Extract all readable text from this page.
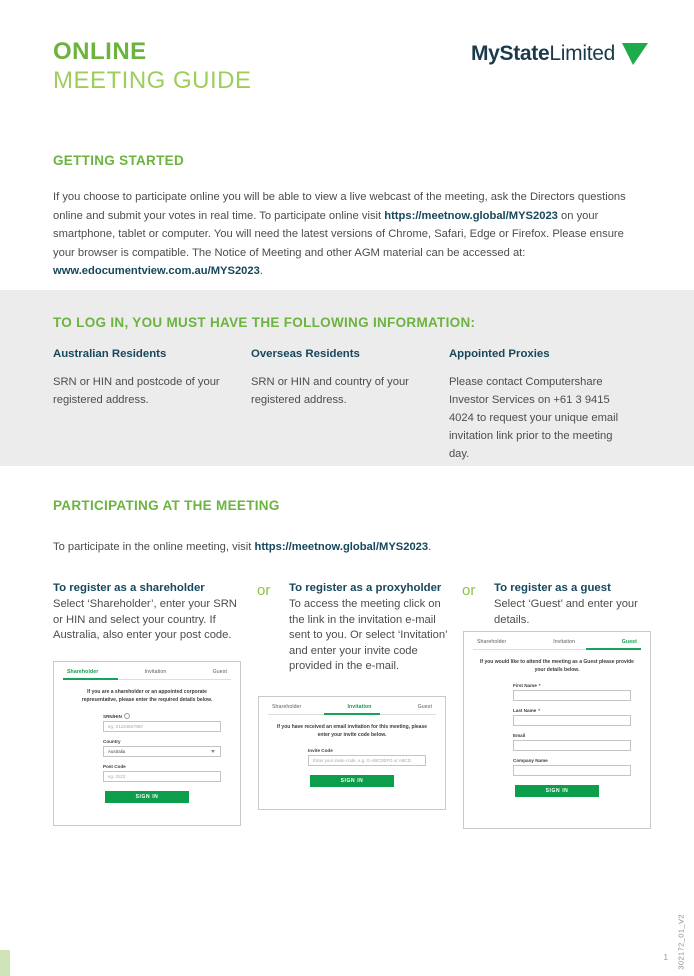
ONLINE
MEETING GUIDE
MyStateLimited
GETTING STARTED
If you choose to participate online you will be able to view a live webcast of the meeting, ask the Directors questions online and submit your votes in real time. To participate online visit https://meetnow.global/MYS2023 on your smartphone, tablet or computer. You will need the latest versions of Chrome, Safari, Edge or Firefox. Please ensure your browser is compatible. The Notice of Meeting and other AGM material can be accessed at: www.edocumentview.com.au/MYS2023.
TO LOG IN, YOU MUST HAVE THE FOLLOWING INFORMATION:
Australian Residents
SRN or HIN and postcode of your registered address.
Overseas Residents
SRN or HIN and country of your registered address.
Appointed Proxies
Please contact Computershare Investor Services on +61 3 9415 4024 to request your unique email invitation link prior to the meeting day.
PARTICIPATING AT THE MEETING
To participate in the online meeting, visit https://meetnow.global/MYS2023.
or	or
To register as a shareholder
Select ‘Shareholder’, enter your SRN or HIN and select your country. If Australia, also enter your post code.
To register as a proxyholder
To access the meeting click on the link in the invitation e-mail sent to you. Or select ‘Invitation’ and enter your invite code provided in the e-mail.
To register as a guest
Select ‘Guest’ and enter your details.
Shareholder	Invitation	Guest
If you are a shareholder or an appointed corporate representative, please enter the required details below.
SRN/HIN
eg. X1234567890
Country
Australia
Post Code
eg. 0123
SIGN IN
Shareholder	Invitation	Guest
If you have received an email invitation for this meeting, please enter your invite code below.
Invite Code
Enter your invite code, e.g. G-ABCDEFG or ABCD
SIGN IN
Shareholder	Invitation	Guest
If you would like to attend the meeting as a Guest please provide your details below.
First Name *
Last Name *
Email
Company Name
SIGN IN
302172_01_V2
1
